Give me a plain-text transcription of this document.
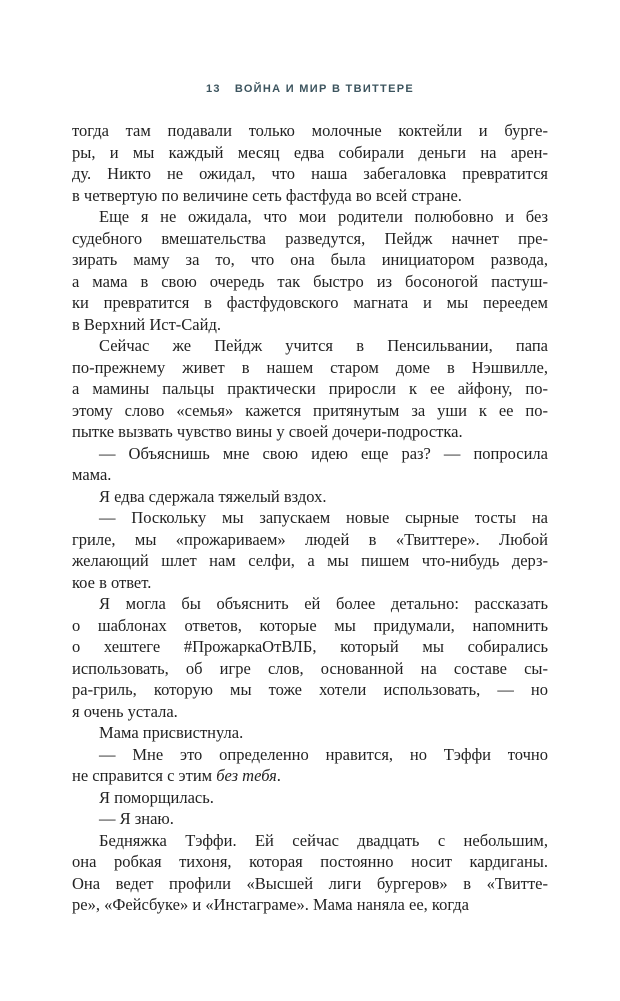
13 ВОЙНА И МИР В ТВИТТЕРЕ
тогда там подавали только молочные коктейли и бурге-
ры, и мы каждый месяц едва собирали деньги на арен-
ду. Никто не ожидал, что наша забегаловка превратится
в четвертую по величине сеть фастфуда во всей стране.
Еще я не ожидала, что мои родители полюбовно и без
судебного вмешательства разведутся, Пейдж начнет пре-
зирать маму за то, что она была инициатором развода,
а мама в свою очередь так быстро из босоногой пастуш-
ки превратится в фастфудовского магната и мы переедем
в Верхний Ист-Сайд.
Сейчас же Пейдж учится в Пенсильвании, папа
по-прежнему живет в нашем старом доме в Нэшвилле,
а мамины пальцы практически приросли к ее айфону, по-
этому слово «семья» кажется притянутым за уши к ее по-
пытке вызвать чувство вины у своей дочери-подростка.
— Объяснишь мне свою идею еще раз? — попросила
мама.
Я едва сдержала тяжелый вздох.
— Поскольку мы запускаем новые сырные тосты на
гриле, мы «прожариваем» людей в «Твиттере». Любой
желающий шлет нам селфи, а мы пишем что-нибудь дерз-
кое в ответ.
Я могла бы объяснить ей более детально: рассказать
о шаблонах ответов, которые мы придумали, напомнить
о хештеге #ПрожаркаОтВЛБ, который мы собирались
использовать, об игре слов, основанной на составе сы-
ра-гриль, которую мы тоже хотели использовать, — но
я очень устала.
Мама присвистнула.
— Мне это определенно нравится, но Тэффи точно
не справится с этим без тебя.
Я поморщилась.
— Я знаю.
Бедняжка Тэффи. Ей сейчас двадцать с небольшим,
она робкая тихоня, которая постоянно носит кардиганы.
Она ведет профили «Высшей лиги бургеров» в «Твитте-
ре», «Фейсбуке» и «Инстаграме». Мама наняла ее, когда
